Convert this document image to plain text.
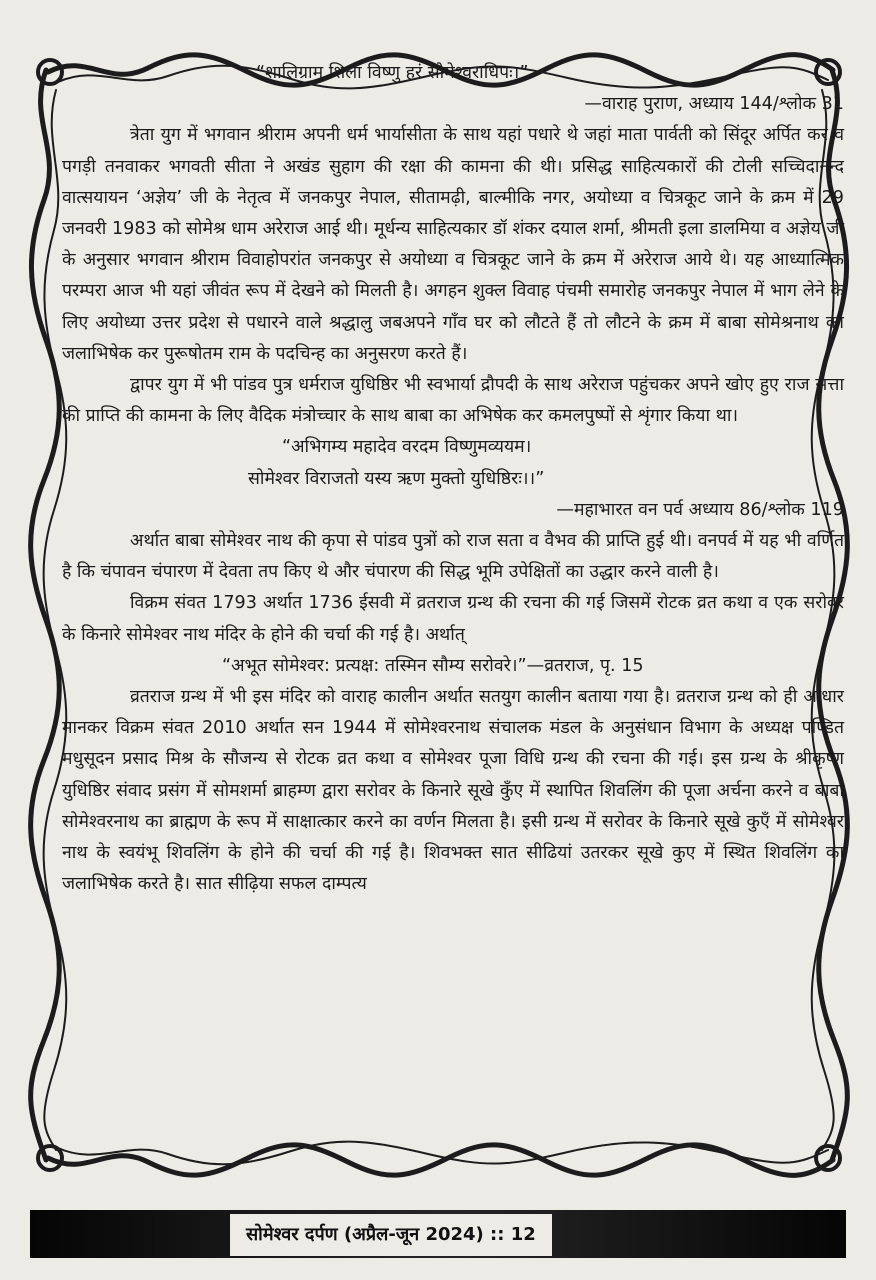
“शालिग्राम शिला विष्णु हरं सोमेश्वराधिपः।”

—वाराह पुराण, अध्याय 144/श्लोक 31

त्रेता युग में भगवान श्रीराम अपनी धर्म भार्यासीता के साथ यहां पधारे थे जहां माता पार्वती को सिंदूर अर्पित कर व पगड़ी तनवाकर भगवती सीता ने अखंड सुहाग की रक्षा की कामना की थी। प्रसिद्ध साहित्यकारों की टोली सच्चिदानन्द वात्सयायन ‘अज्ञेय’ जी के नेतृत्व में जनकपुर नेपाल, सीतामढ़ी, बाल्मीकि नगर, अयोध्या व चित्रकूट जाने के क्रम में 29 जनवरी 1983 को सोमेश्र धाम अरेराज आई थी। मूर्धन्य साहित्यकार डॉ शंकर दयाल शर्मा, श्रीमती इला डालमिया व अज्ञेय जी के अनुसार भगवान श्रीराम विवाहोपरांत जनकपुर से अयोध्या व चित्रकूट जाने के क्रम में अरेराज आये थे। यह आध्यात्मिक परम्परा आज भी यहां जीवंत रूप में देखने को मिलती है। अगहन शुक्ल विवाह पंचमी समारोह जनकपुर नेपाल में भाग लेने के लिए अयोध्या उत्तर प्रदेश से पधारने वाले श्रद्धालु जबअपने गाँव घर को लौटते हैं तो लौटने के क्रम में बाबा सोमेश्रनाथ का जलाभिषेक कर पुरूषोतम राम के पदचिन्ह का अनुसरण करते हैं।

द्वापर युग में भी पांडव पुत्र धर्मराज युधिष्ठिर भी स्वभार्या द्रौपदी के साथ अरेराज पहुंचकर अपने खोए हुए राज सत्ता की प्राप्ति की कामना के लिए वैदिक मंत्रोच्चार के साथ बाबा का अभिषेक कर कमलपुष्पों से शृंगार किया था।

“अभिगम्य महादेव वरदम विष्णुमव्ययम।

सोमेश्वर विराजतो यस्य ऋण मुक्तो युधिष्ठिरः।।”

—महाभारत वन पर्व अध्याय 86/श्लोक 119

अर्थात बाबा सोमेश्वर नाथ की कृपा से पांडव पुत्रों को राज सता व वैभव की प्राप्ति हुई थी। वनपर्व में यह भी वर्णित है कि चंपावन चंपारण में देवता तप किए थे और चंपारण की सिद्ध भूमि उपेक्षितों का उद्धार करने वाली है।

विक्रम संवत 1793 अर्थात 1736 ईसवी में व्रतराज ग्रन्थ की रचना की गई जिसमें रोटक व्रत कथा व एक सरोवर के किनारे सोमेश्वर नाथ मंदिर के होने की चर्चा की गई है। अर्थात्

“अभूत सोमेश्वर: प्रत्यक्ष: तस्मिन सौम्य सरोवरे।”—व्रतराज, पृ. 15

व्रतराज ग्रन्थ में भी इस मंदिर को वाराह कालीन अर्थात सतयुग कालीन बताया गया है। व्रतराज ग्रन्थ को ही आधार मानकर विक्रम संवत 2010 अर्थात सन 1944 में सोमेश्वरनाथ संचालक मंडल के अनुसंधान विभाग के अध्यक्ष पण्डित मधुसूदन प्रसाद मिश्र के सौजन्य से रोटक व्रत कथा व सोमेश्वर पूजा विधि ग्रन्थ की रचना की गई। इस ग्रन्थ के श्रीकृष्ण युधिष्ठिर संवाद प्रसंग में सोमशर्मा ब्राहम्ण द्वारा सरोवर के किनारे सूखे कुँए में स्थापित शिवलिंग की पूजा अर्चना करने व बाबा सोमेश्वरनाथ का ब्राह्मण के रूप में साक्षात्कार करने का वर्णन मिलता है। इसी ग्रन्थ में सरोवर के किनारे सूखे कुएँ में सोमेश्वर नाथ के स्वयंभू शिवलिंग के होने की चर्चा की गई है। शिवभक्त सात सीढियां उतरकर सूखे कुए में स्थित शिवलिंग का जलाभिषेक करते है। सात सीढ़िया सफल दाम्पत्य

सोमेश्वर दर्पण (अप्रैल-जून 2024) :: 12
